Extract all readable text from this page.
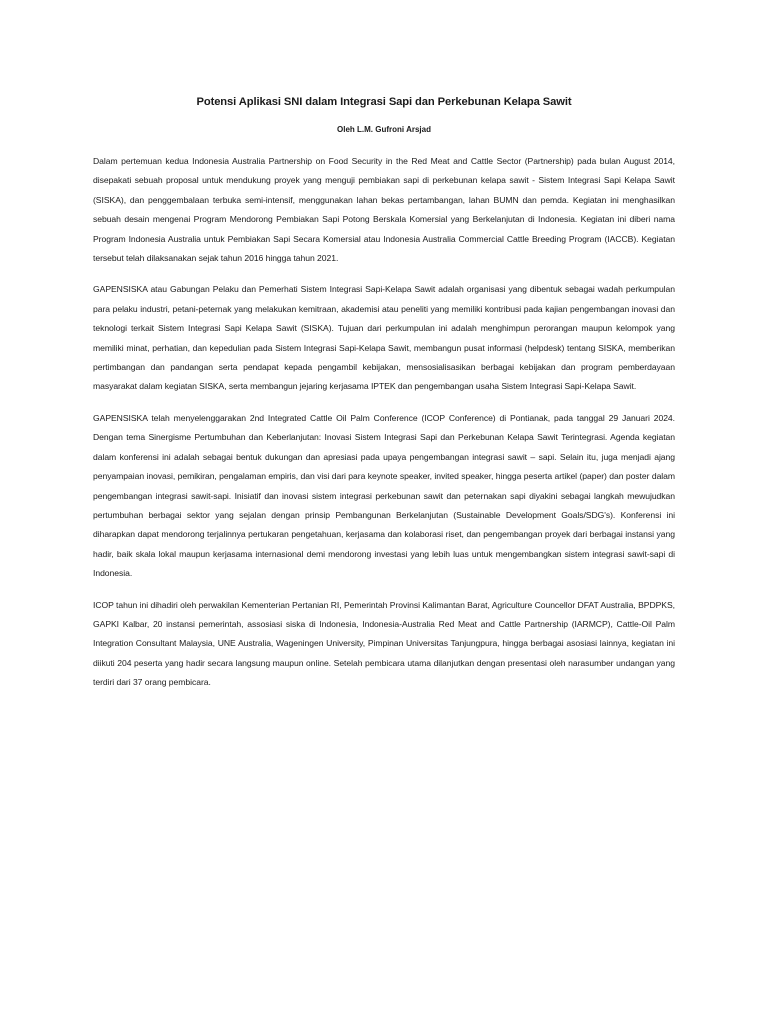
Potensi Aplikasi SNI dalam Integrasi Sapi dan Perkebunan Kelapa Sawit

Oleh L.M. Gufroni Arsjad

Dalam pertemuan kedua Indonesia Australia Partnership on Food Security in the Red Meat and Cattle Sector (Partnership) pada bulan August 2014, disepakati sebuah proposal untuk mendukung proyek yang menguji pembiakan sapi di perkebunan kelapa sawit - Sistem Integrasi Sapi Kelapa Sawit (SISKA), dan penggembalaan terbuka semi-intensif, menggunakan lahan bekas pertambangan, lahan BUMN dan pemda. Kegiatan ini menghasilkan sebuah desain mengenai Program Mendorong Pembiakan Sapi Potong Berskala Komersial yang Berkelanjutan di Indonesia. Kegiatan ini diberi nama Program Indonesia Australia untuk Pembiakan Sapi Secara Komersial atau Indonesia Australia Commercial Cattle Breeding Program (IACCB). Kegiatan tersebut telah dilaksanakan sejak tahun 2016 hingga tahun 2021.

GAPENSISKA atau Gabungan Pelaku dan Pemerhati Sistem Integrasi Sapi-Kelapa Sawit adalah organisasi yang dibentuk sebagai wadah perkumpulan para pelaku industri, petani-peternak yang melakukan kemitraan, akademisi atau peneliti yang memiliki kontribusi pada kajian pengembangan inovasi dan teknologi terkait Sistem Integrasi Sapi Kelapa Sawit (SISKA). Tujuan dari perkumpulan ini adalah menghimpun perorangan maupun kelompok yang memiliki minat, perhatian, dan kepedulian pada Sistem Integrasi Sapi-Kelapa Sawit, membangun pusat informasi (helpdesk) tentang SISKA, memberikan pertimbangan dan pandangan serta pendapat kepada pengambil kebijakan, mensosialisasikan berbagai kebijakan dan program pemberdayaan masyarakat dalam kegiatan SISKA, serta membangun jejaring kerjasama IPTEK dan pengembangan usaha Sistem Integrasi Sapi-Kelapa Sawit.

GAPENSISKA telah menyelenggarakan 2nd Integrated Cattle Oil Palm Conference (ICOP Conference) di Pontianak, pada tanggal 29 Januari 2024. Dengan tema Sinergisme Pertumbuhan dan Keberlanjutan: Inovasi Sistem Integrasi Sapi dan Perkebunan Kelapa Sawit Terintegrasi. Agenda kegiatan dalam konferensi ini adalah sebagai bentuk dukungan dan apresiasi pada upaya pengembangan integrasi sawit – sapi. Selain itu, juga menjadi ajang penyampaian inovasi, pemikiran, pengalaman empiris, dan visi dari para keynote speaker, invited speaker, hingga peserta artikel (paper) dan poster dalam pengembangan integrasi sawit-sapi. Inisiatif dan inovasi sistem integrasi perkebunan sawit dan peternakan sapi diyakini sebagai langkah mewujudkan pertumbuhan berbagai sektor yang sejalan dengan prinsip Pembangunan Berkelanjutan (Sustainable Development Goals/SDG's). Konferensi ini diharapkan dapat mendorong terjalinnya pertukaran pengetahuan, kerjasama dan kolaborasi riset, dan pengembangan proyek dari berbagai instansi yang hadir, baik skala lokal maupun kerjasama internasional demi mendorong investasi yang lebih luas untuk mengembangkan sistem integrasi sawit-sapi di Indonesia.

ICOP tahun ini dihadiri oleh perwakilan Kementerian Pertanian RI, Pemerintah Provinsi Kalimantan Barat, Agriculture Councellor DFAT Australia, BPDPKS, GAPKI Kalbar, 20 instansi pemerintah, assosiasi siska di Indonesia, Indonesia-Australia Red Meat and Cattle Partnership (IARMCP), Cattle-Oil Palm Integration Consultant Malaysia, UNE Australia, Wageningen University, Pimpinan Universitas Tanjungpura, hingga berbagai asosiasi lainnya, kegiatan ini diikuti 204 peserta yang hadir secara langsung maupun online. Setelah pembicara utama dilanjutkan dengan presentasi oleh narasumber undangan yang terdiri dari 37 orang pembicara.
